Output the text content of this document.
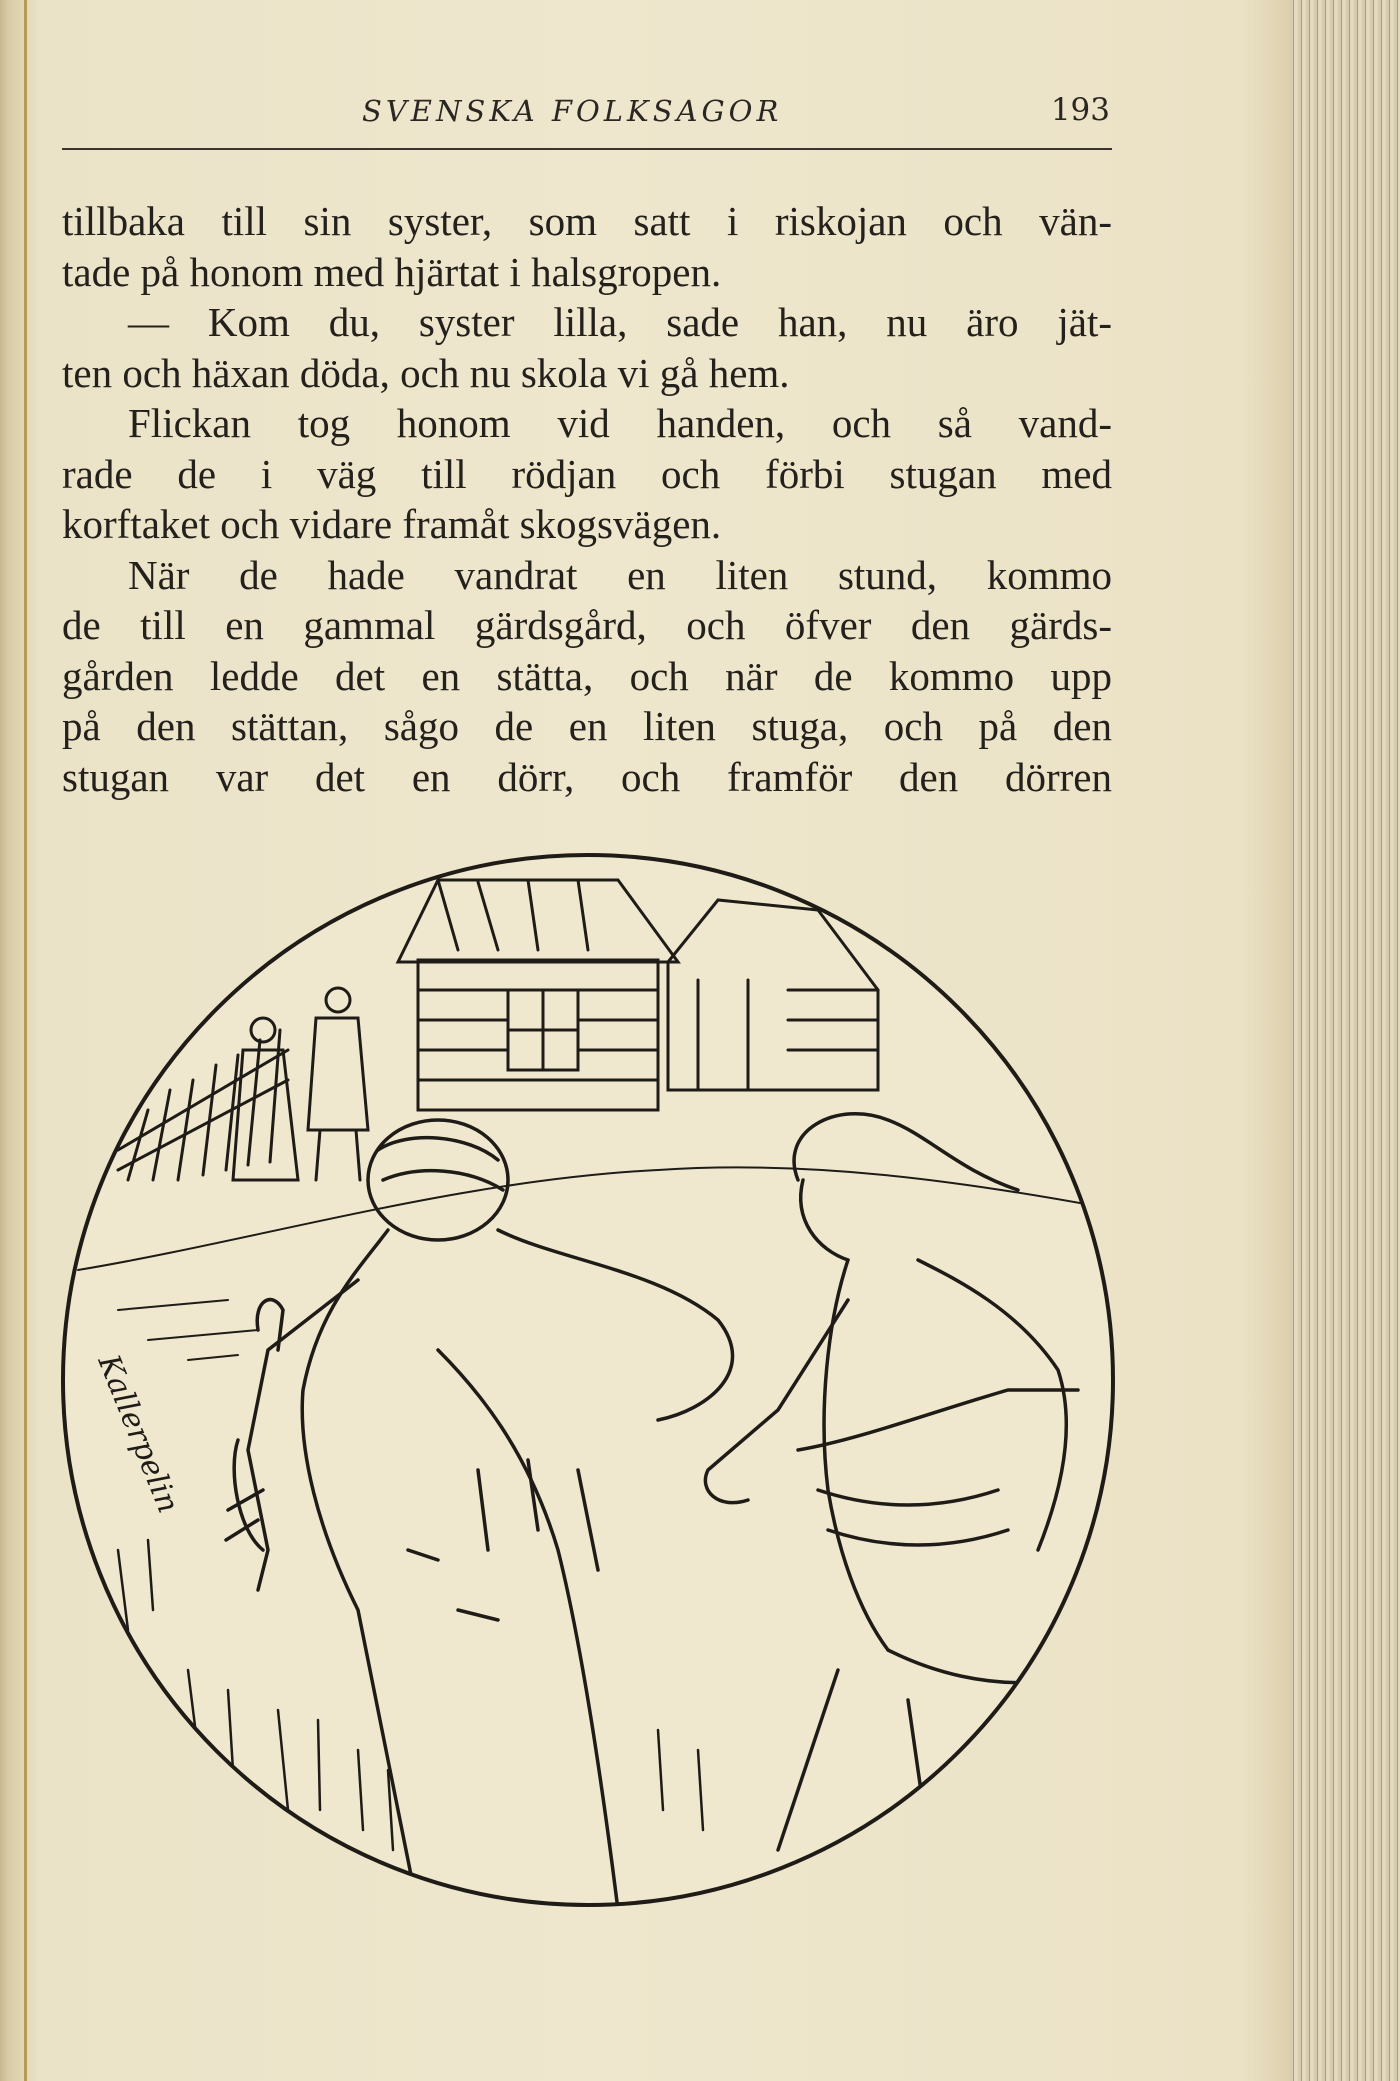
SVENSKA FOLKSAGOR	193
tillbaka till sin syster, som satt i riskojan och vän-
tade på honom med hjärtat i halsgropen.
— Kom du, syster lilla, sade han, nu äro jät-
ten och häxan döda, och nu skola vi gå hem.
Flickan tog honom vid handen, och så vand-
rade de i väg till rödjan och förbi stugan med
korftaket och vidare framåt skogsvägen.
När de hade vandrat en liten stund, kommo
de till en gammal gärdsgård, och öfver den gärds-
gården ledde det en stätta, och när de kommo upp
på den stättan, sågo de en liten stuga, och på den
stugan var det en dörr, och framför den dörren
Kallerpelin
